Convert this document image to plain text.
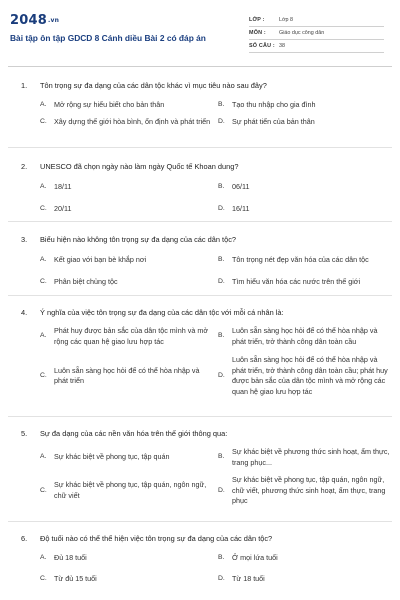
$2048^{.vn}$
Bài tập ôn tập GDCD 8 Cánh diều Bài 2 có đáp án
LỚP :	Lớp 8
MÔN :	Giáo dục công dân
SỐ CÂU : 38
1.	Tôn trọng sự đa dạng của các dân tộc khác vì mục tiêu nào sau đây?
A.	Mở rộng sự hiểu biết cho bản thân	B.	Tạo thu nhập cho gia đình
C. Xây dựng thế giới hòa bình, ổn định và phát triển D. Sự phát tiển của bản thân
2.	UNESCO đã chọn ngày nào làm ngày Quốc tế Khoan dung?
A.	18/11	B.	06/11
C. 20/11	D. 16/11
3.	Biểu hiện nào không tôn trọng sự đa dạng của các dân tộc?
A.	Kết giao với bạn bè khắp nơi	B.	Tôn trọng nét đẹp văn hóa của các dân tộc
C. Phân biệt chủng tộc	D. Tìm hiểu văn hóa các nước trên thế giới
4.	Ý nghĩa của việc tôn trọng sự đa dạng của các dân tộc với mỗi cá nhân là:
A.
Phát huy được bản sắc của dân tộc mình và mở rộng các quan hệ giao lưu hợp tác
B.
Luôn sẵn sàng học hỏi để có thể hòa nhập và phát triển, trở thành công dân toàn cầu
C.
Luôn sẵn sàng học hỏi để có thể hòa nhập và phát triển
D.
Luôn sẵn sàng học hỏi để có thể hòa nhập và phát triển, trở thành công dân toàn cầu; phát huy được bản sắc của dân tộc mình và mở rộng các quan hệ giao lưu hợp tác
5.	Sự đa dạng của các nền văn hóa trên thế giới thông qua:
A.	Sự khác biệt về phong tục, tập quán	B.
Sự khác biệt về phương thức sinh hoạt, ẩm thực, trang phục...
C.
Sự khác biệt về phong tục, tập quán, ngôn ngữ, chữ viết
D.
Sự khác biệt về phong tục, tập quán, ngôn ngữ, chữ viết, phương thức sinh hoạt, ẩm thực, trang phục
6.	Độ tuổi nào có thể thể hiện việc tôn trọng sự đa dạng của các dân tộc?
A.	Đủ 18 tuổi	B.	Ở mọi lứa tuổi
C. Từ đủ 15 tuổi	D. Từ 18 tuổi
